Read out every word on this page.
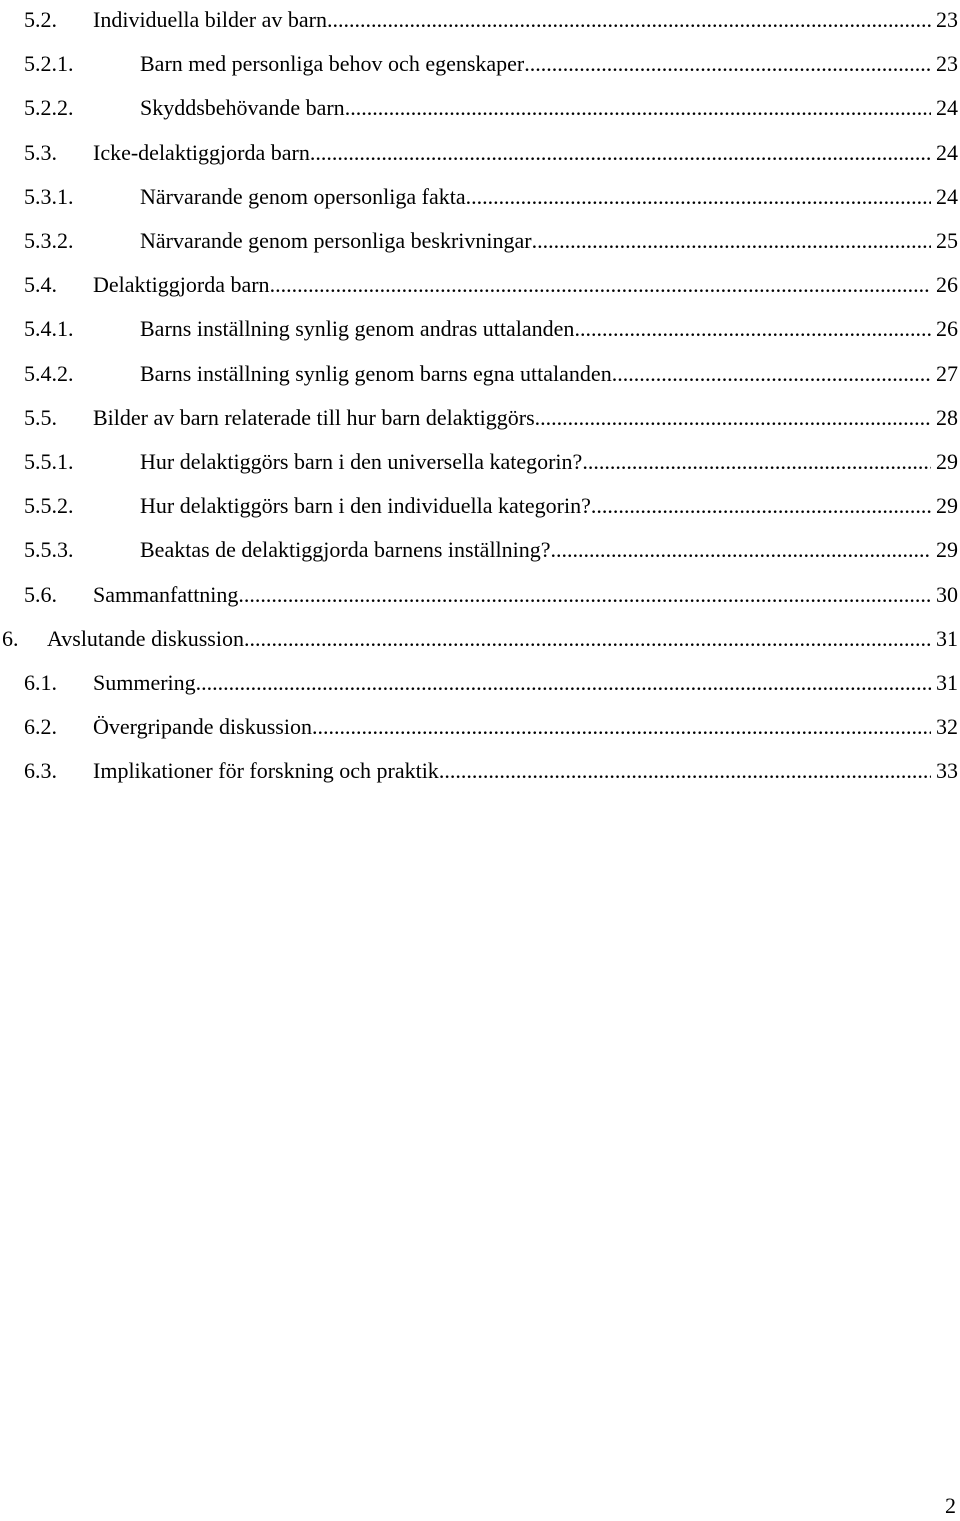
5.2. Individuella bilder av barn .....	23
5.2.1.	Barn med personliga behov och egenskaper .....	23
5.2.2.	Skyddsbehövande barn .....	24
5.3. Icke-delaktiggjorda barn .....	24
5.3.1.	Närvarande genom opersonliga fakta .....	24
5.3.2.	Närvarande genom personliga beskrivningar .....	25
5.4. Delaktiggjorda barn .....	26
5.4.1.	Barns inställning synlig genom andras uttalanden .....	26
5.4.2.	Barns inställning synlig genom barns egna uttalanden .....	27
5.5. Bilder av barn relaterade till hur barn delaktiggörs .....	28
5.5.1.	Hur delaktiggörs barn i den universella kategorin? .....	29
5.5.2.	Hur delaktiggörs barn i den individuella kategorin? .....	29
5.5.3.	Beaktas de delaktiggjorda barnens inställning? .....	29
5.6. Sammanfattning .....	30
6. Avslutande diskussion .....	31
6.1. Summering .....	31
6.2. Övergripande diskussion .....	32
6.3. Implikationer för forskning och praktik .....	33
2
